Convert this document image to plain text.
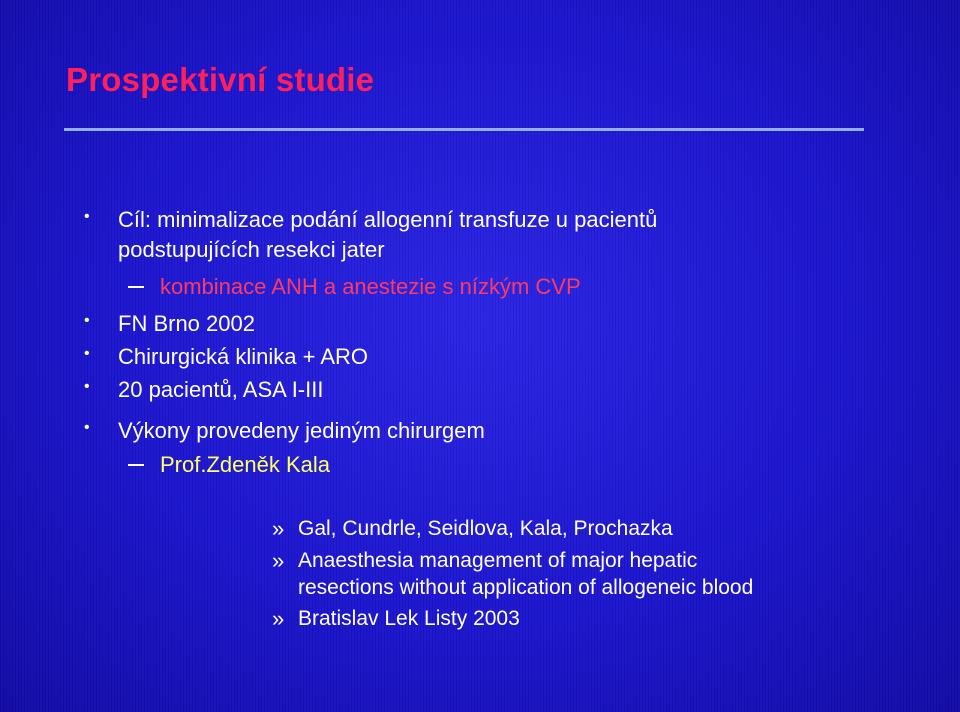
Prospektivní studie
• Cíl: minimalizace podání allogenní transfuze u pacientů
podstupujících resekci jater
kombinace ANH a anestezie s nízkým CVP
• FN Brno 2002
• Chirurgická klinika + ARO
• 20 pacientů, ASA I-III
• Výkony provedeny jediným chirurgem
Prof.Zdeněk Kala
» Gal, Cundrle, Seidlova, Kala, Prochazka
» Anaesthesia management of major hepatic
resections without application of allogeneic blood
» Bratislav Lek Listy 2003
